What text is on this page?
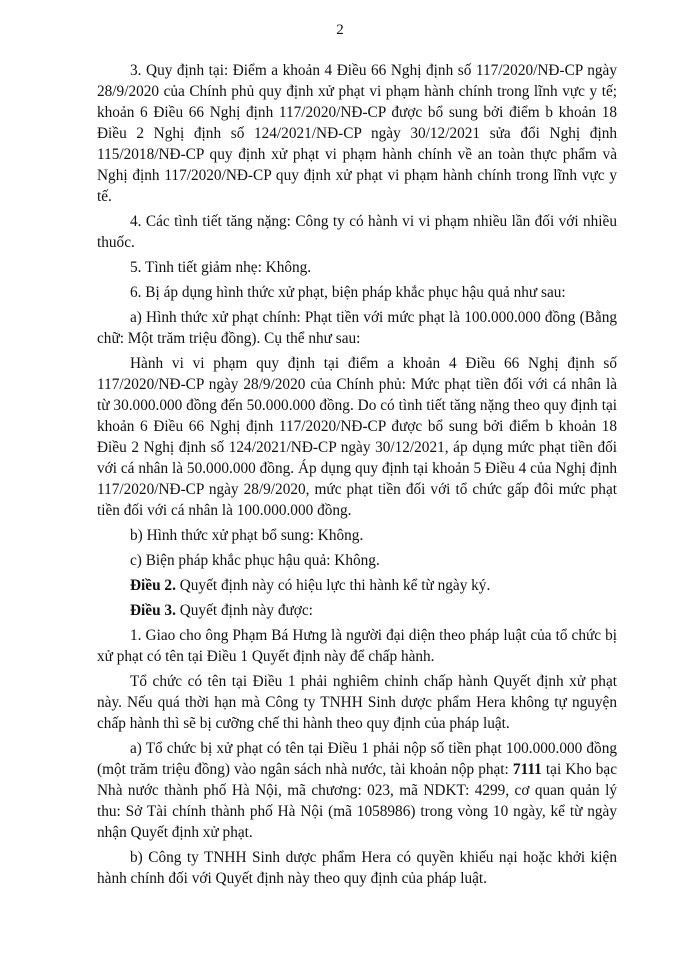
2

3. Quy định tại: Điểm a khoản 4 Điều 66 Nghị định số 117/2020/NĐ-CP ngày 28/9/2020 của Chính phủ quy định xử phạt vi phạm hành chính trong lĩnh vực y tế; khoản 6 Điều 66 Nghị định 117/2020/NĐ-CP được bổ sung bởi điểm b khoản 18 Điều 2 Nghị định số 124/2021/NĐ-CP ngày 30/12/2021 sửa đổi Nghị định 115/2018/NĐ-CP quy định xử phạt vi phạm hành chính về an toàn thực phẩm và Nghị định 117/2020/NĐ-CP quy định xử phạt vi phạm hành chính trong lĩnh vực y tế.

4. Các tình tiết tăng nặng: Công ty có hành vi vi phạm nhiều lần đối với nhiều thuốc.

5. Tình tiết giảm nhẹ: Không.

6. Bị áp dụng hình thức xử phạt, biện pháp khắc phục hậu quả như sau:

a) Hình thức xử phạt chính: Phạt tiền với mức phạt là 100.000.000 đồng (Bằng chữ: Một trăm triệu đồng). Cụ thể như sau:

Hành vi vi phạm quy định tại điểm a khoản 4 Điều 66 Nghị định số 117/2020/NĐ-CP ngày 28/9/2020 của Chính phủ: Mức phạt tiền đối với cá nhân là từ 30.000.000 đồng đến 50.000.000 đồng. Do có tình tiết tăng nặng theo quy định tại khoản 6 Điều 66 Nghị định 117/2020/NĐ-CP được bổ sung bởi điểm b khoản 18 Điều 2 Nghị định số 124/2021/NĐ-CP ngày 30/12/2021, áp dụng mức phạt tiền đối với cá nhân là 50.000.000 đồng. Áp dụng quy định tại khoản 5 Điều 4 của Nghị định 117/2020/NĐ-CP ngày 28/9/2020, mức phạt tiền đối với tổ chức gấp đôi mức phạt tiền đối với cá nhân là 100.000.000 đồng.

b) Hình thức xử phạt bổ sung: Không.

c) Biện pháp khắc phục hậu quả: Không.

Điều 2. Quyết định này có hiệu lực thi hành kể từ ngày ký.

Điều 3. Quyết định này được:

1. Giao cho ông Phạm Bá Hưng là người đại diện theo pháp luật của tổ chức bị xử phạt có tên tại Điều 1 Quyết định này để chấp hành.

Tổ chức có tên tại Điều 1 phải nghiêm chỉnh chấp hành Quyết định xử phạt này. Nếu quá thời hạn mà Công ty TNHH Sinh dược phẩm Hera không tự nguyện chấp hành thì sẽ bị cưỡng chế thi hành theo quy định của pháp luật.

a) Tổ chức bị xử phạt có tên tại Điều 1 phải nộp số tiền phạt 100.000.000 đồng (một trăm triệu đồng) vào ngân sách nhà nước, tài khoản nộp phạt: 7111 tại Kho bạc Nhà nước thành phố Hà Nội, mã chương: 023, mã NDKT: 4299, cơ quan quản lý thu: Sở Tài chính thành phố Hà Nội (mã 1058986) trong vòng 10 ngày, kể từ ngày nhận Quyết định xử phạt.

b) Công ty TNHH Sinh dược phẩm Hera có quyền khiếu nại hoặc khởi kiện hành chính đối với Quyết định này theo quy định của pháp luật.
